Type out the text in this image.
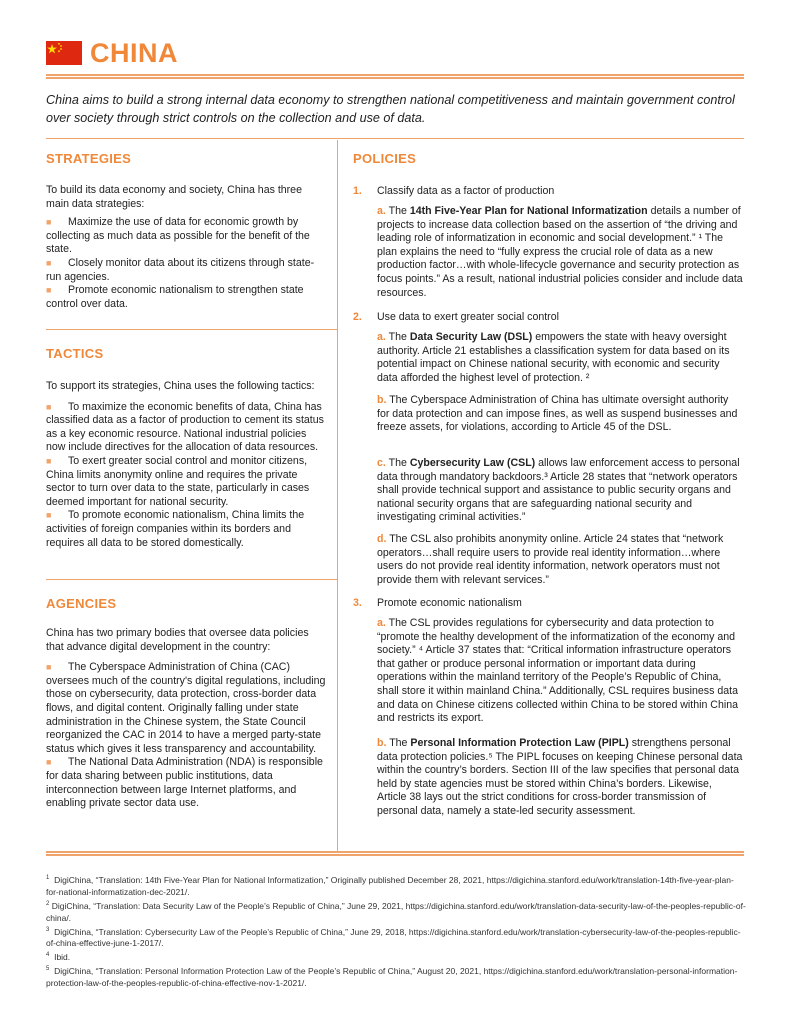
CHINA
China aims to build a strong internal data economy to strengthen national competitiveness and maintain government control over society through strict controls on the collection and use of data.
STRATEGIES

To build its data economy and society, China has three main data strategies:

■ Maximize the use of data for economic growth by collecting as much data as possible for the benefit of the state.

■ Closely monitor data about its citizens through state-run agencies.

■ Promote economic nationalism to strengthen state control over data.

TACTICS

To support its strategies, China uses the following tactics:

■ To maximize the economic benefits of data, China has classified data as a factor of production to cement its status as a key economic resource. National industrial policies now include directives for the allocation of data resources.

■ To exert greater social control and monitor citizens, China limits anonymity online and requires the private sector to turn over data to the state, particularly in cases deemed important for national security.

■ To promote economic nationalism, China limits the activities of foreign companies within its borders and requires all data to be stored domestically.

AGENCIES

China has two primary bodies that oversee data policies that advance digital development in the country:

■ The Cyberspace Administration of China (CAC) oversees much of the country's digital regulations, including those on cybersecurity, data protection, cross-border data flows, and digital content. Originally falling under state administration in the Chinese system, the State Council reorganized the CAC in 2014 to have a merged party-state status which gives it less transparency and accountability.

■ The National Data Administration (NDA) is responsible for data sharing between public institutions, data interconnection between large Internet platforms, and enabling private sector data use.

POLICIES
1. Classify data as a factor of production
a. The 14th Five-Year Plan for National Informatization details a number of projects to increase data collection based on the assertion of “the driving and leading role of informatization in economic and social development.” ¹ The plan explains the need to “fully express the crucial role of data as a new production factor…with whole-lifecycle governance and security protection as focus points.” As a result, national industrial policies consider and include data resources.
2. Use data to exert greater social control
a. The Data Security Law (DSL) empowers the state with heavy oversight authority. Article 21 establishes a classification system for data based on its potential impact on Chinese national security, with economic and security data afforded the highest level of protection. ²
b. The Cyberspace Administration of China has ultimate oversight authority for data protection and can impose fines, as well as suspend businesses and freeze assets, for violations, according to Article 45 of the DSL.
c. The Cybersecurity Law (CSL) allows law enforcement access to personal data through mandatory backdoors.³ Article 28 states that “network operators shall provide technical support and assistance to public security organs and national security organs that are safeguarding national security and investigating criminal activities.”
d. The CSL also prohibits anonymity online. Article 24 states that “network operators…shall require users to provide real identity information…where users do not provide real identity information, network operators must not provide them with relevant services.”
3. Promote economic nationalism
a. The CSL provides regulations for cybersecurity and data protection to “promote the healthy development of the informatization of the economy and society.” ⁴ Article 37 states that: “Critical information infrastructure operators that gather or produce personal information or important data during operations within the mainland territory of the People’s Republic of China, shall store it within mainland China.” Additionally, CSL requires business data and data on Chinese citizens collected within China to be stored within China and restricts its export.
b. The Personal Information Protection Law (PIPL) strengthens personal data protection policies.⁵ The PIPL focuses on keeping Chinese personal data within the country’s borders. Section III of the law specifies that personal data held by state agencies must be stored within China’s borders. Likewise, Article 38 lays out the strict conditions for cross-border transmission of personal data, namely a state-led security assessment.

$^1$ DigiChina, “Translation: 14th Five-Year Plan for National Informatization,” Originally published December 28, 2021, https://digichina.stanford.edu/work/translation-14th-five-year-plan-for-national-informatization-dec-2021/.

$^2$ DigiChina, “Translation: Data Security Law of the People’s Republic of China,” June 29, 2021, https://digichina.stanford.edu/work/translation-data-security-law-of-the-peoples-republic-of-china/.

$^3$ DigiChina, “Translation: Cybersecurity Law of the People’s Republic of China,” June 29, 2018, https://digichina.stanford.edu/work/translation-cybersecurity-law-of-the-peoples-republic-of-china-effective-june-1-2017/.

$^4$ Ibid.

$^5$ DigiChina, “Translation: Personal Information Protection Law of the People’s Republic of China,” August 20, 2021, https://digichina.stanford.edu/work/translation-personal-information-protection-law-of-the-peoples-republic-of-china-effective-nov-1-2021/.
